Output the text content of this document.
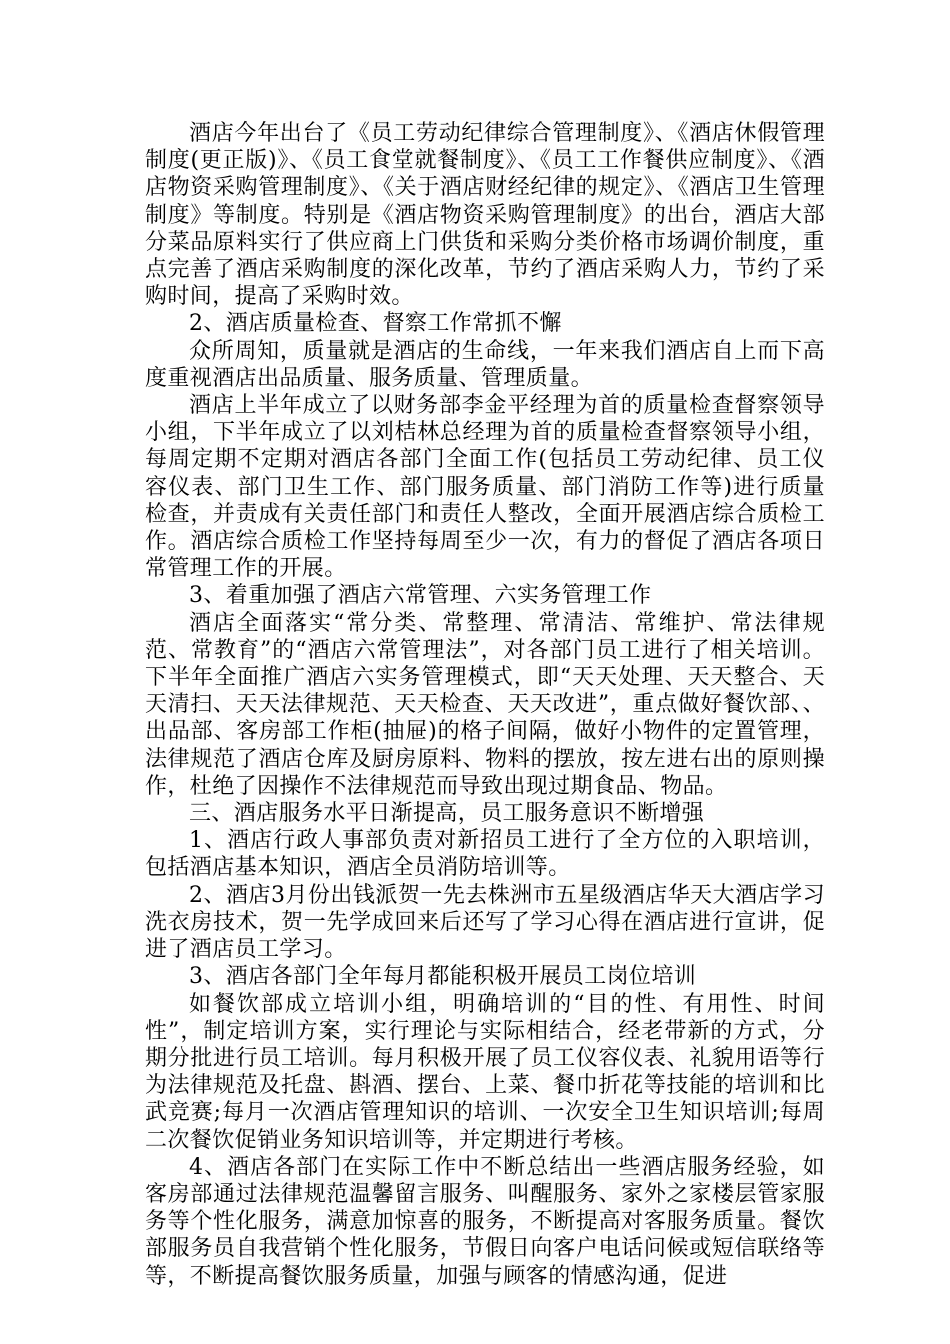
酒店今年出台了《员工劳动纪律综合管理制度》、《酒店休假管理制度(更正版)》、《员工食堂就餐制度》、《员工工作餐供应制度》、《酒店物资采购管理制度》、《关于酒店财经纪律的规定》、《酒店卫生管理制度》等制度。特别是《酒店物资采购管理制度》的出台，酒店大部分菜品原料实行了供应商上门供货和采购分类价格市场调价制度，重点完善了酒店采购制度的深化改革，节约了酒店采购人力，节约了采购时间，提高了采购时效。

2、酒店质量检查、督察工作常抓不懈

众所周知，质量就是酒店的生命线，一年来我们酒店自上而下高度重视酒店出品质量、服务质量、管理质量。

酒店上半年成立了以财务部李金平经理为首的质量检查督察领导小组，下半年成立了以刘桔林总经理为首的质量检查督察领导小组，每周定期不定期对酒店各部门全面工作(包括员工劳动纪律、员工仪容仪表、部门卫生工作、部门服务质量、部门消防工作等)进行质量检查，并责成有关责任部门和责任人整改，全面开展酒店综合质检工作。酒店综合质检工作坚持每周至少一次，有力的督促了酒店各项日常管理工作的开展。

3、着重加强了酒店六常管理、六实务管理工作

酒店全面落实“常分类、常整理、常清洁、常维护、常法律规范、常教育”的“酒店六常管理法”，对各部门员工进行了相关培训。下半年全面推广酒店六实务管理模式，即“天天处理、天天整合、天天清扫、天天法律规范、天天检查、天天改进”，重点做好餐饮部、、出品部、客房部工作柜(抽屉)的格子间隔，做好小物件的定置管理，法律规范了酒店仓库及厨房原料、物料的摆放，按左进右出的原则操作，杜绝了因操作不法律规范而导致出现过期食品、物品。

三、酒店服务水平日渐提高，员工服务意识不断增强

1、酒店行政人事部负责对新招员工进行了全方位的入职培训，包括酒店基本知识，酒店全员消防培训等。

2、酒店3月份出钱派贺一先去株洲市五星级酒店华天大酒店学习洗衣房技术，贺一先学成回来后还写了学习心得在酒店进行宣讲，促进了酒店员工学习。

3、酒店各部门全年每月都能积极开展员工岗位培训

如餐饮部成立培训小组，明确培训的“目的性、有用性、时间性”，制定培训方案，实行理论与实际相结合，经老带新的方式，分期分批进行员工培训。每月积极开展了员工仪容仪表、礼貌用语等行为法律规范及托盘、斟酒、摆台、上菜、餐巾折花等技能的培训和比武竞赛;每月一次酒店管理知识的培训、一次安全卫生知识培训;每周二次餐饮促销业务知识培训等，并定期进行考核。

4、酒店各部门在实际工作中不断总结出一些酒店服务经验，如客房部通过法律规范温馨留言服务、叫醒服务、家外之家楼层管家服务等个性化服务，满意加惊喜的服务，不断提高对客服务质量。餐饮部服务员自我营销个性化服务，节假日向客户电话问候或短信联络等等，不断提高餐饮服务质量，加强与顾客的情感沟通，促进
